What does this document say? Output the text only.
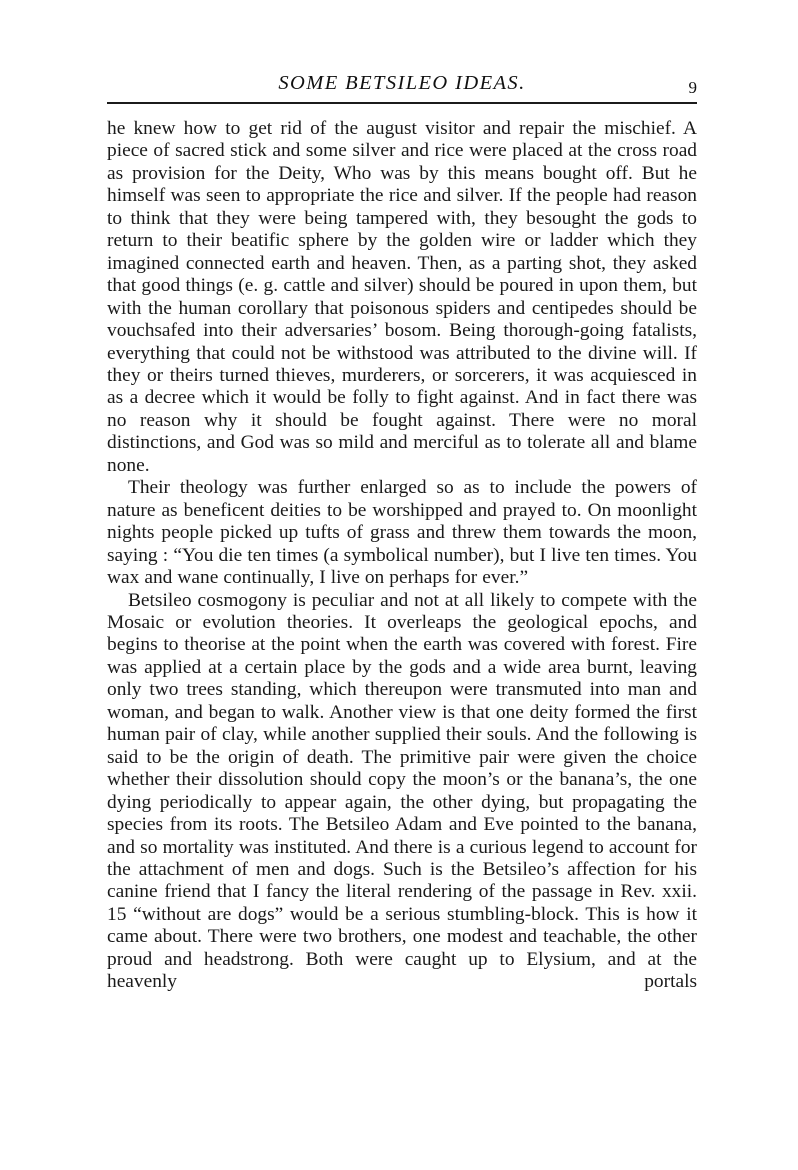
SOME BETSILEO IDEAS.	9

he knew how to get rid of the august visitor and repair the mischief. A piece of sacred stick and some silver and rice were placed at the cross road as provision for the Deity, Who was by this means bought off. But he himself was seen to appropriate the rice and silver. If the people had reason to think that they were being tampered with, they besought the gods to return to their beatific sphere by the golden wire or ladder which they imagined connected earth and heaven. Then, as a parting shot, they asked that good things (e. g. cattle and silver) should be poured in upon them, but with the human corollary that poisonous spiders and centipedes should be vouchsafed into their adversaries’ bosom. Being thorough-going fatalists, everything that could not be withstood was attributed to the divine will. If they or theirs turned thieves, murderers, or sorcerers, it was acquiesced in as a decree which it would be folly to fight against. And in fact there was no reason why it should be fought against. There were no moral distinctions, and God was so mild and merciful as to tolerate all and blame none.

Their theology was further enlarged so as to include the powers of nature as beneficent deities to be worshipped and prayed to. On moonlight nights people picked up tufts of grass and threw them towards the moon, saying : “You die ten times (a symbolical number), but I live ten times. You wax and wane continually, I live on perhaps for ever.”

Betsileo cosmogony is peculiar and not at all likely to compete with the Mosaic or evolution theories. It overleaps the geological epochs, and begins to theorise at the point when the earth was covered with forest. Fire was applied at a certain place by the gods and a wide area burnt, leaving only two trees standing, which thereupon were transmuted into man and woman, and began to walk. Another view is that one deity formed the first human pair of clay, while another supplied their souls. And the following is said to be the origin of death. The primitive pair were given the choice whether their dissolution should copy the moon’s or the banana’s, the one dying periodically to appear again, the other dying, but propagating the species from its roots. The Betsileo Adam and Eve pointed to the banana, and so mortality was instituted. And there is a curious legend to account for the attachment of men and dogs. Such is the Betsileo’s affection for his canine friend that I fancy the literal rendering of the passage in Rev. xxii. 15 “without are dogs” would be a serious stumbling-block. This is how it came about. There were two brothers, one modest and teachable, the other proud and headstrong. Both were caught up to Elysium, and at the heavenly portals
